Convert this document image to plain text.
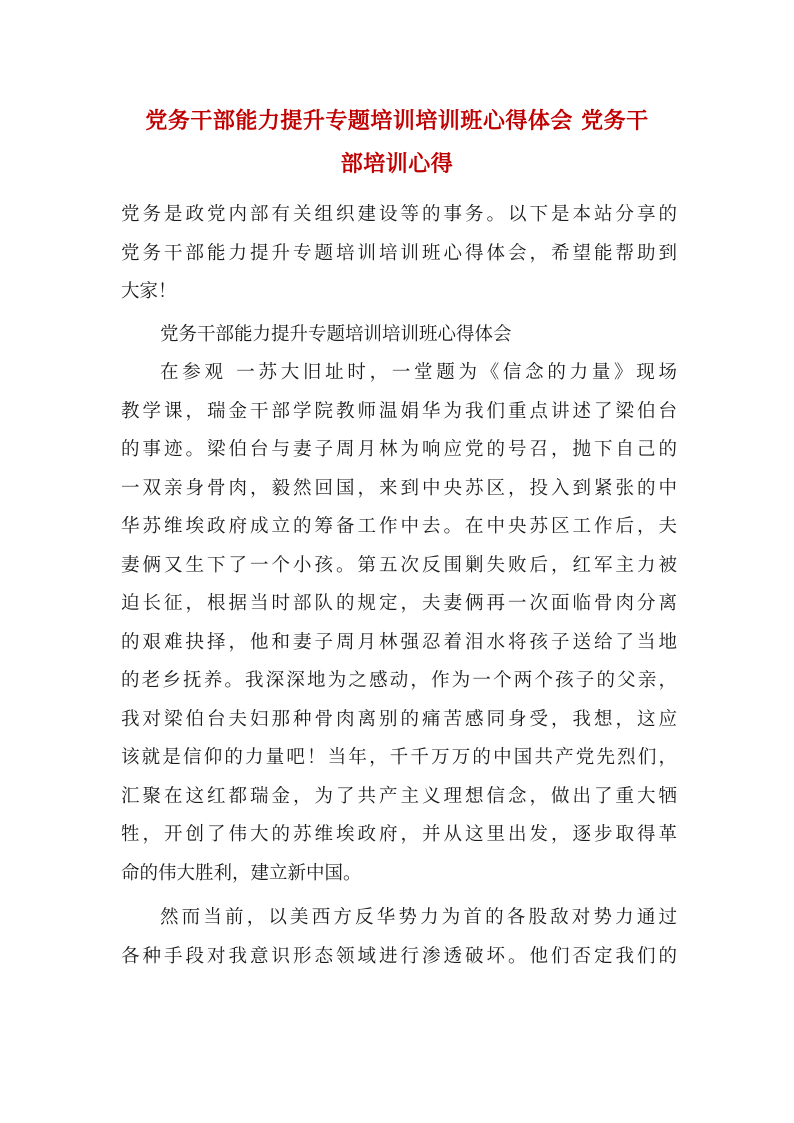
党务干部能力提升专题培训培训班心得体会 党务干
部培训心得
党务是政党内部有关组织建设等的事务。以下是本站分享的
党务干部能力提升专题培训培训班心得体会，希望能帮助到
大家！
党务干部能力提升专题培训培训班心得体会
在参观 一苏大旧址时，一堂题为《信念的力量》现场
教学课，瑞金干部学院教师温娟华为我们重点讲述了梁伯台
的事迹。梁伯台与妻子周月林为响应党的号召，抛下自己的
一双亲身骨肉，毅然回国，来到中央苏区，投入到紧张的中
华苏维埃政府成立的筹备工作中去。在中央苏区工作后，夫
妻俩又生下了一个小孩。第五次反围剿失败后，红军主力被
迫长征，根据当时部队的规定，夫妻俩再一次面临骨肉分离
的艰难抉择，他和妻子周月林强忍着泪水将孩子送给了当地
的老乡抚养。我深深地为之感动，作为一个两个孩子的父亲，
我对梁伯台夫妇那种骨肉离别的痛苦感同身受，我想，这应
该就是信仰的力量吧！当年，千千万万的中国共产党先烈们，
汇聚在这红都瑞金，为了共产主义理想信念，做出了重大牺
牲，开创了伟大的苏维埃政府，并从这里出发，逐步取得革
命的伟大胜利，建立新中国。
然而当前，以美西方反华势力为首的各股敌对势力通过
各种手段对我意识形态领域进行渗透破坏。他们否定我们的
